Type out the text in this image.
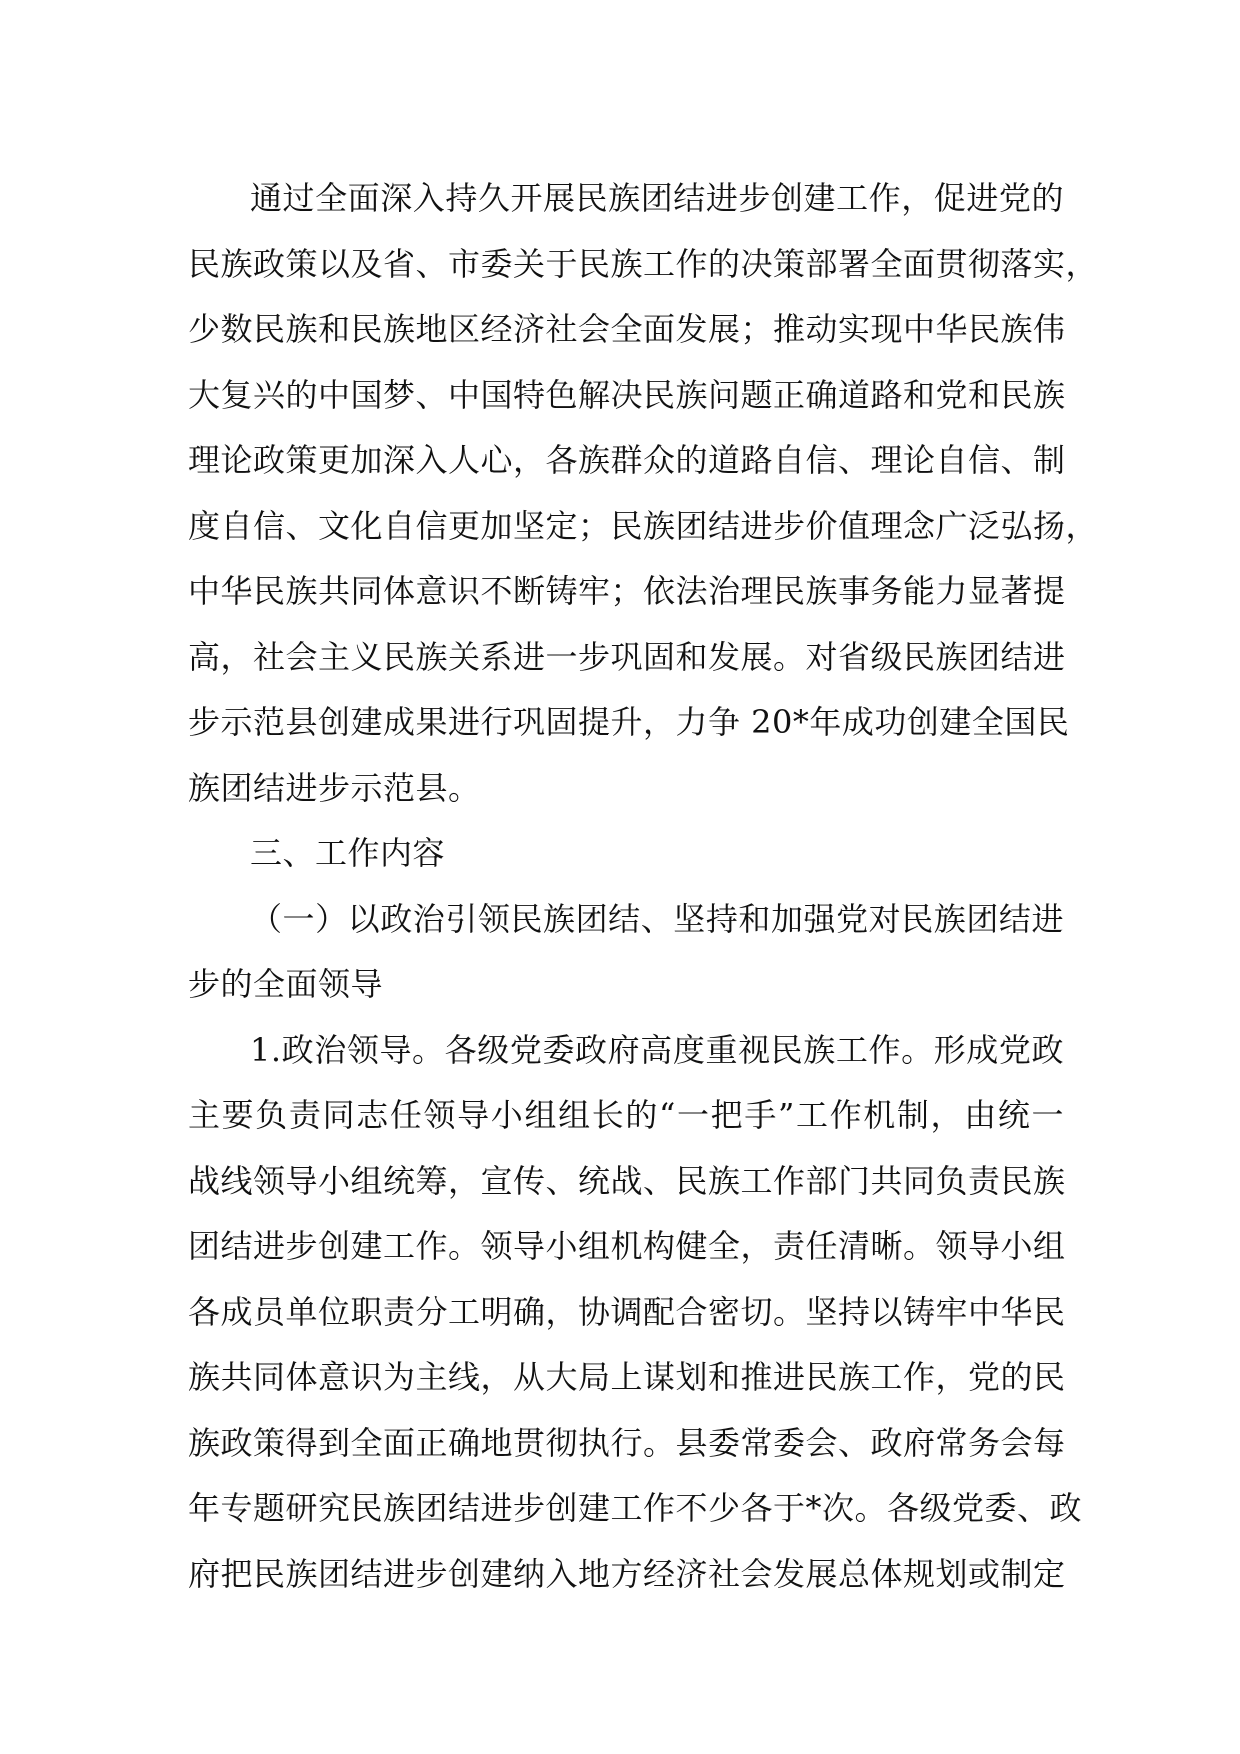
通过全面深入持久开展民族团结进步创建工作，促进党的
民族政策以及省、市委关于民族工作的决策部署全面贯彻落实，
少数民族和民族地区经济社会全面发展；推动实现中华民族伟
大复兴的中国梦、中国特色解决民族问题正确道路和党和民族
理论政策更加深入人心，各族群众的道路自信、理论自信、制
度自信、文化自信更加坚定；民族团结进步价值理念广泛弘扬，
中华民族共同体意识不断铸牢；依法治理民族事务能力显著提
高，社会主义民族关系进一步巩固和发展。对省级民族团结进
步示范县创建成果进行巩固提升，力争 20*年成功创建全国民
族团结进步示范县。
三、工作内容
（一）以政治引领民族团结、坚持和加强党对民族团结进
步的全面领导
1.政治领导。各级党委政府高度重视民族工作。形成党政
主要负责同志任领导小组组长的“一把手”工作机制，由统一
战线领导小组统筹，宣传、统战、民族工作部门共同负责民族
团结进步创建工作。领导小组机构健全，责任清晰。领导小组
各成员单位职责分工明确，协调配合密切。坚持以铸牢中华民
族共同体意识为主线，从大局上谋划和推进民族工作，党的民
族政策得到全面正确地贯彻执行。县委常委会、政府常务会每
年专题研究民族团结进步创建工作不少各于*次。各级党委、政
府把民族团结进步创建纳入地方经济社会发展总体规划或制定
